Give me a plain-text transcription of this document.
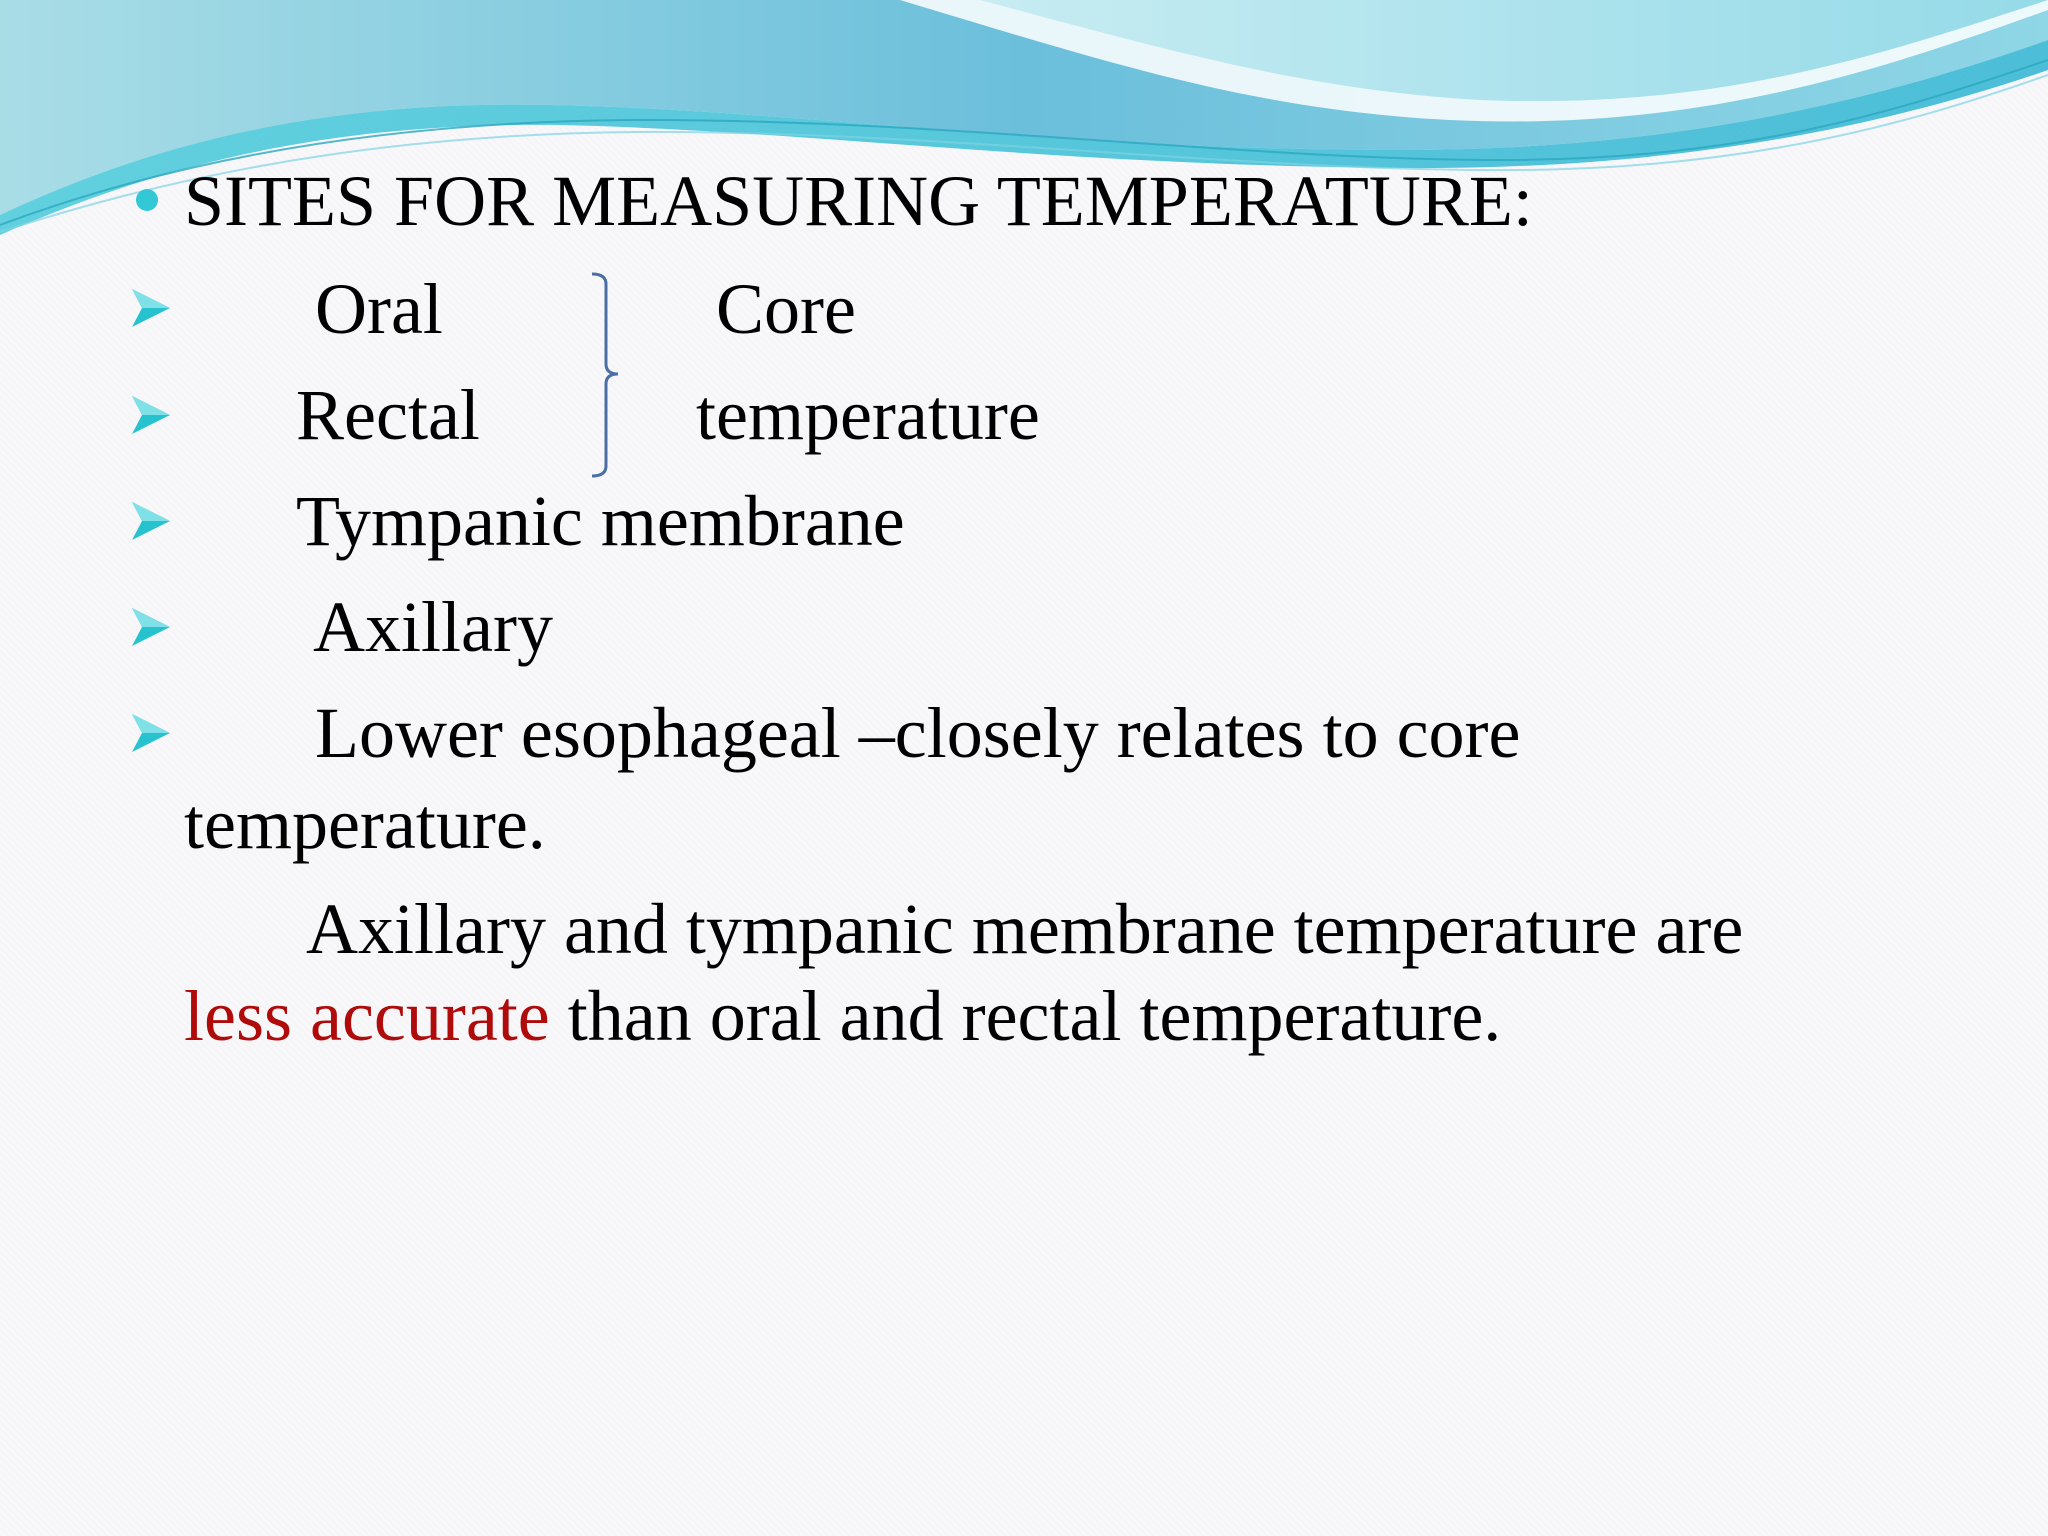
SITES FOR MEASURING TEMPERATURE:
Oral	Core
Rectal	temperature
Tympanic membrane
Axillary
Lower esophageal –closely relates to core
temperature.
Axillary and tympanic membrane temperature are
less accurate than oral and rectal temperature.
